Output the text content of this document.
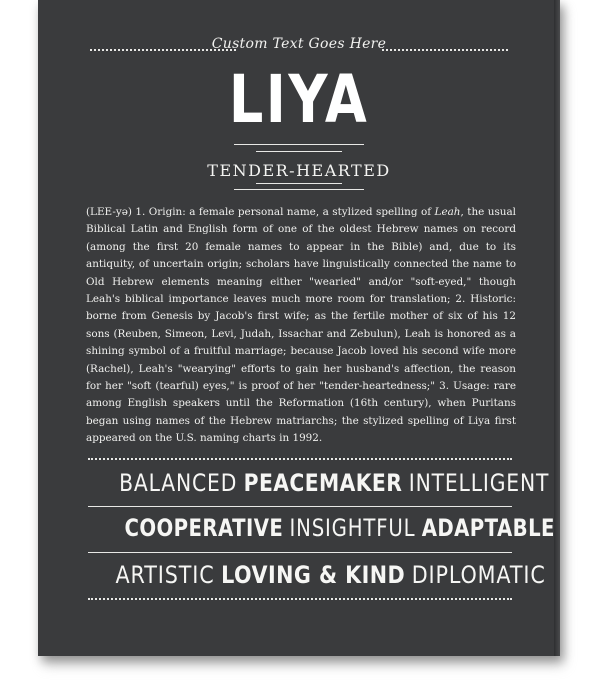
Custom Text Goes Here
LIYA
TENDER-HEARTED
(LEE-yə) 1. Origin: a female personal name, a stylized spelling of Leah, the usual Biblical Latin and English form of one of the oldest Hebrew names on record (among the first 20 female names to appear in the Bible) and, due to its antiquity, of uncertain origin; scholars have linguistically connected the name to Old Hebrew elements meaning either "wearied" and/or "soft-eyed," though Leah's biblical importance leaves much more room for translation; 2. Historic: borne from Genesis by Jacob's first wife; as the fertile mother of six of his 12 sons (Reuben, Simeon, Levi, Judah, Issachar and Zebulun), Leah is honored as a shining symbol of a fruitful marriage; because Jacob loved his second wife more (Rachel), Leah's "wearying" efforts to gain her husband's affection, the reason for her "soft (tearful) eyes," is proof of her "tender-heartedness;" 3. Usage: rare among English speakers until the Reformation (16th century), when Puritans began using names of the Hebrew matriarchs; the stylized spelling of Liya first appeared on the U.S. naming charts in 1992.
BALANCED PEACEMAKER INTELLIGENT
COOPERATIVE INSIGHTFUL ADAPTABLE
ARTISTIC LOVING & KIND DIPLOMATIC
